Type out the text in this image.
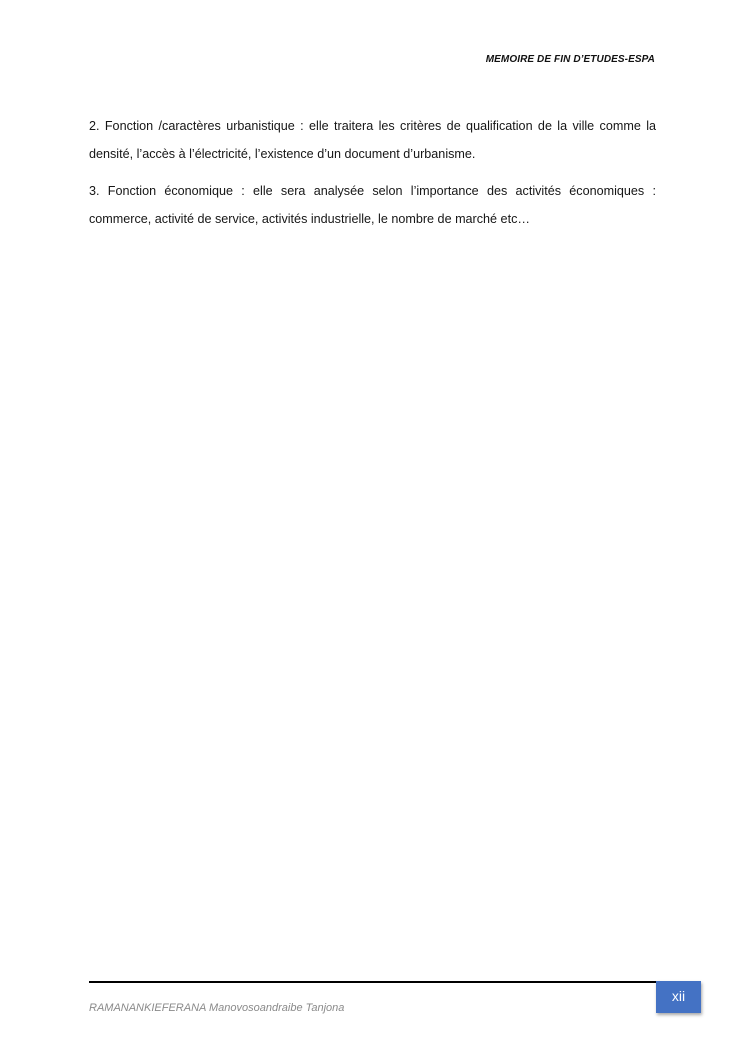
MEMOIRE DE FIN D’ETUDES-ESPA

2. Fonction /caractères urbanistique : elle traitera les critères de qualification de la ville comme la densité, l’accès à l’électricité, l’existence d’un document d’urbanisme.

3. Fonction économique : elle sera analysée selon l’importance des activités économiques : commerce, activité de service, activités industrielle, le nombre de marché etc…

RAMANANKIEFERANA Manovosoandraibe Tanjona
xii
